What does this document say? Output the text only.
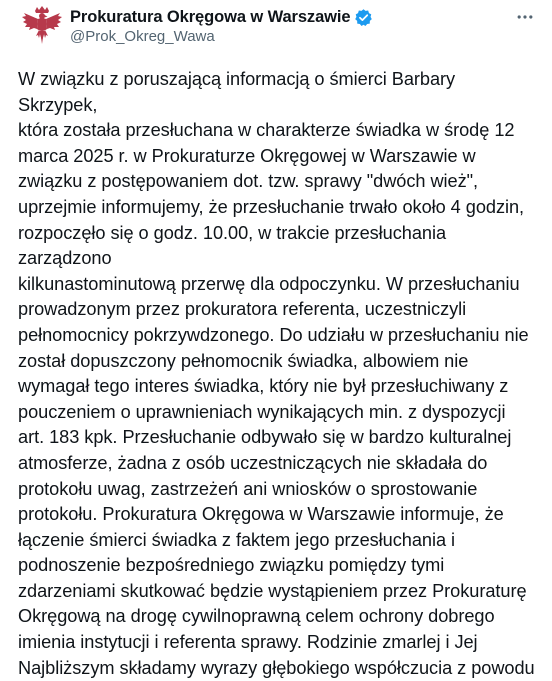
Prokuratura Okręgowa w Warszawie
@Prok_Okreg_Wawa
W związku z poruszającą informacją o śmierci Barbary Skrzypek,
która została przesłuchana w charakterze świadka w środę 12
marca 2025 r. w Prokuraturze Okręgowej w Warszawie w
związku z postępowaniem dot. tzw. sprawy "dwóch wież",
uprzejmie informujemy, że przesłuchanie trwało około 4 godzin,
rozpoczęło się o godz. 10.00, w trakcie przesłuchania zarządzono
kilkunastominutową przerwę dla odpoczynku. W przesłuchaniu
prowadzonym przez prokuratora referenta, uczestniczyli
pełnomocnicy pokrzywdzonego. Do udziału w przesłuchaniu nie
został dopuszczony pełnomocnik świadka, albowiem nie
wymagał tego interes świadka, który nie był przesłuchiwany z
pouczeniem o uprawnieniach wynikających min. z dyspozycji
art. 183 kpk. Przesłuchanie odbywało się w bardzo kulturalnej
atmosferze, żadna z osób uczestniczących nie składała do
protokołu uwag, zastrzeżeń ani wniosków o sprostowanie
protokołu. Prokuratura Okręgowa w Warszawie informuje, że
łączenie śmierci świadka z faktem jego przesłuchania i
podnoszenie bezpośredniego związku pomiędzy tymi
zdarzeniami skutkować będzie wystąpieniem przez Prokuraturę
Okręgową na drogę cywilnoprawną celem ochrony dobrego
imienia instytucji i referenta sprawy. Rodzinie zmarlej i Jej
Najbliższym składamy wyrazy głębokiego współczucia z powodu
